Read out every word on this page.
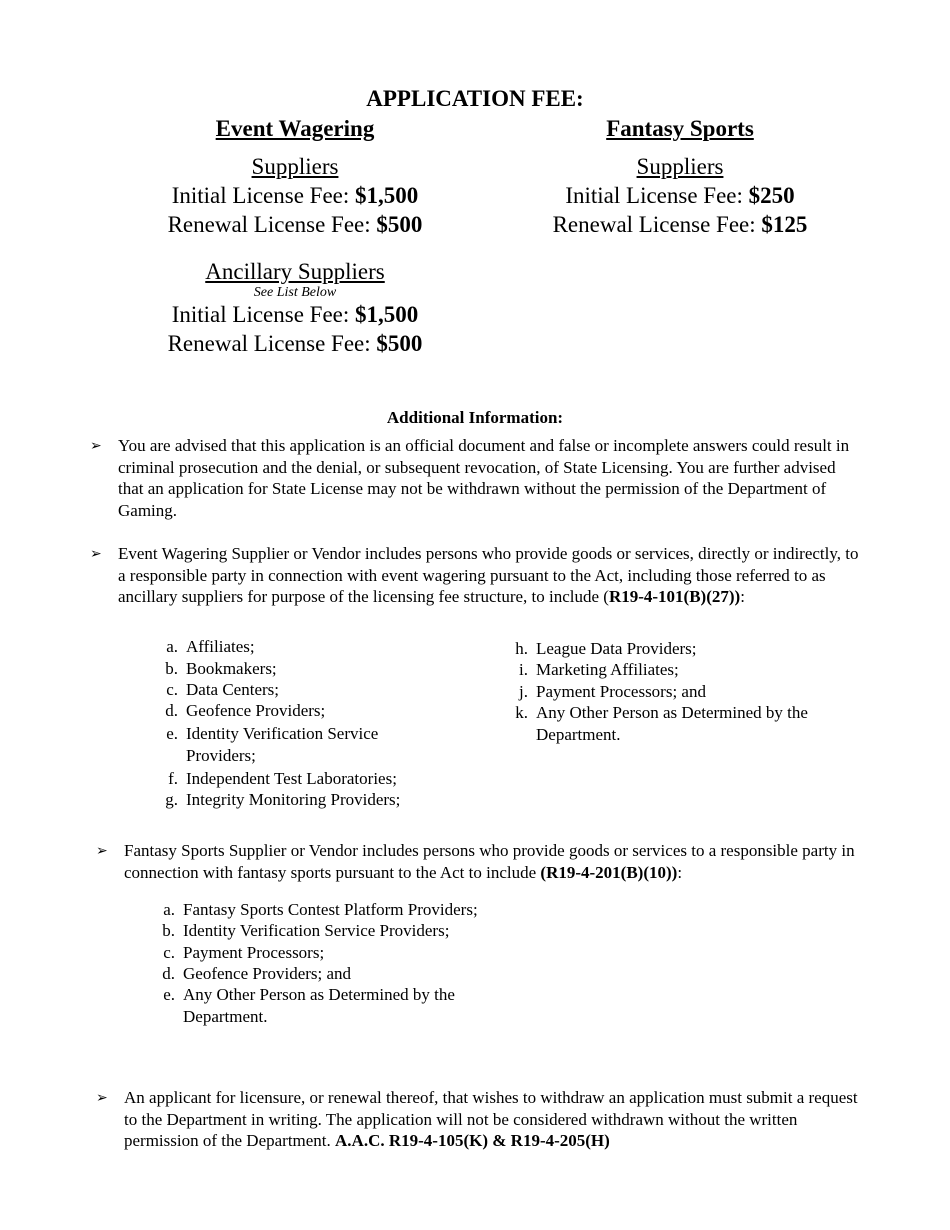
APPLICATION FEE:
Event Wagering
Suppliers
Initial License Fee: $1,500
Renewal License Fee: $500
Ancillary Suppliers
See List Below
Initial License Fee: $1,500
Renewal License Fee: $500
Fantasy Sports
Suppliers
Initial License Fee: $250
Renewal License Fee: $125
Additional Information:
➢ You are advised that this application is an official document and false or incomplete answers could result in criminal prosecution and the denial, or subsequent revocation, of State Licensing. You are further advised that an application for State License may not be withdrawn without the permission of the Department of Gaming.
➢ Event Wagering Supplier or Vendor includes persons who provide goods or services, directly or indirectly, to a responsible party in connection with event wagering pursuant to the Act, including those referred to as ancillary suppliers for purpose of the licensing fee structure, to include (R19-4-101(B)(27)):
a. Affiliates;
b. Bookmakers;
c. Data Centers;
d. Geofence Providers;
e. Identity Verification Service Providers;
f. Independent Test Laboratories;
g. Integrity Monitoring Providers;
h. League Data Providers;
i. Marketing Affiliates;
j. Payment Processors; and
k. Any Other Person as Determined by the Department.
➢ Fantasy Sports Supplier or Vendor includes persons who provide goods or services to a responsible party in connection with fantasy sports pursuant to the Act to include (R19-4-201(B)(10)):
a. Fantasy Sports Contest Platform Providers;
b. Identity Verification Service Providers;
c. Payment Processors;
d. Geofence Providers; and
e. Any Other Person as Determined by the Department.
➢ An applicant for licensure, or renewal thereof, that wishes to withdraw an application must submit a request to the Department in writing. The application will not be considered withdrawn without the written permission of the Department. A.A.C. R19-4-105(K) & R19-4-205(H)
